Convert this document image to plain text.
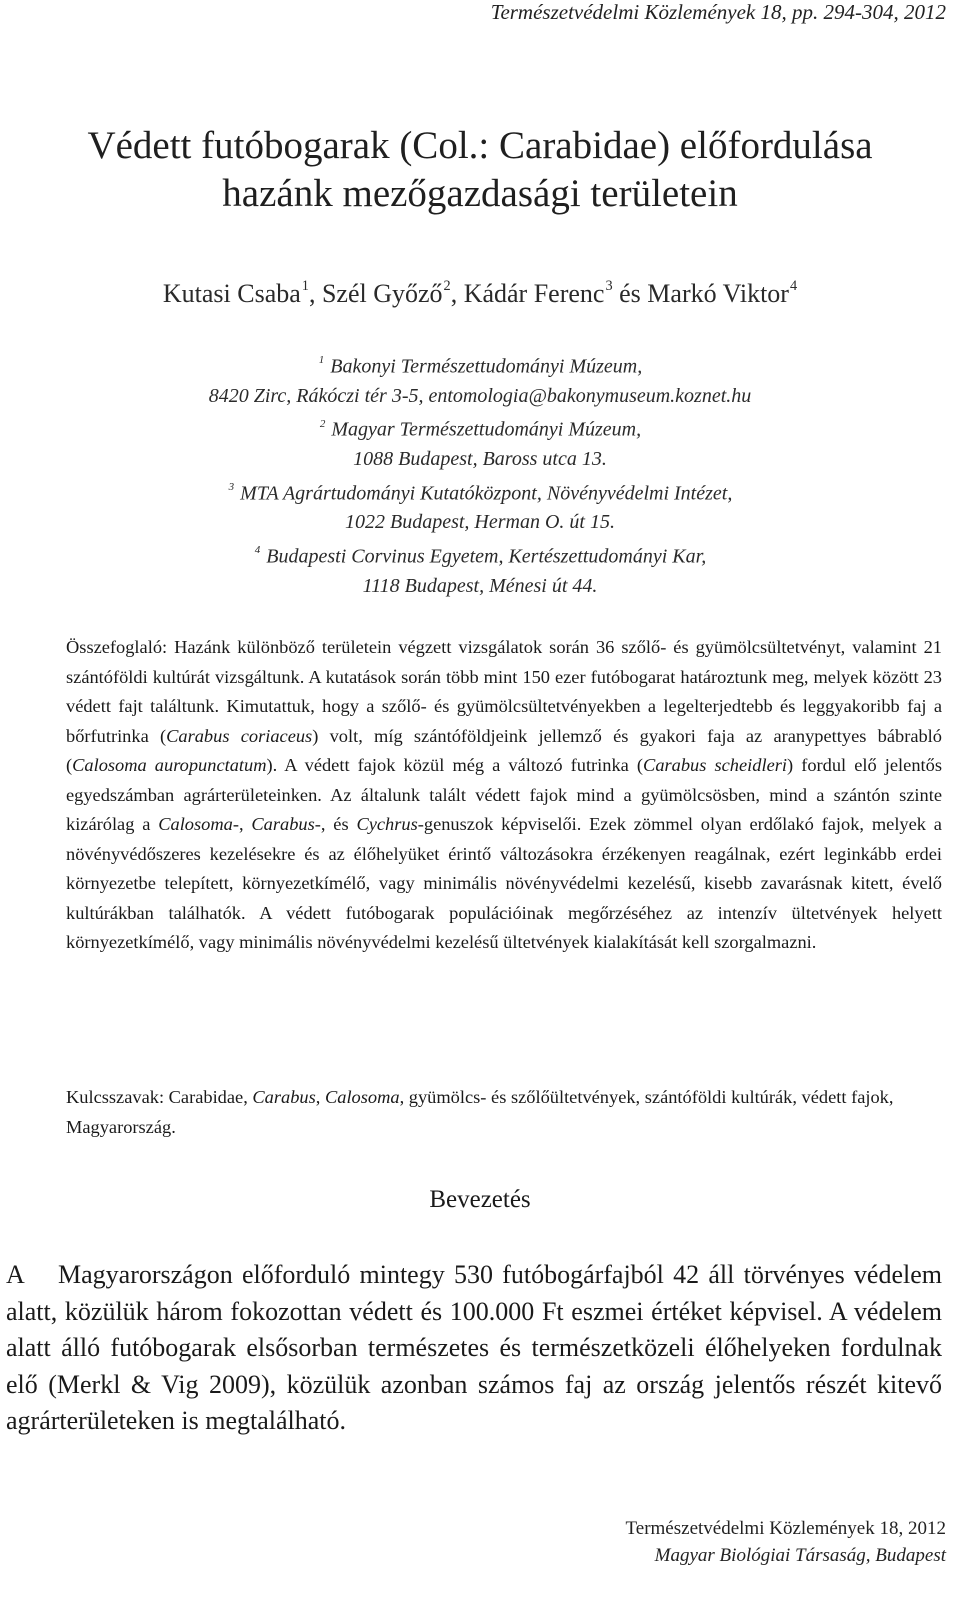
Természetvédelmi Közlemények 18, pp. 294-304, 2012
Védett futóbogarak (Col.: Carabidae) előfordulása
hazánk mezőgazdasági területein
Kutasi Csaba$^1$, Szél Győző$^2$, Kádár Ferenc$^3$ és Markó Viktor$^4$
$^1$ Bakonyi Természettudományi Múzeum,
8420 Zirc, Rákóczi tér 3-5, entomologia@bakonymuseum.koznet.hu
$^2$ Magyar Természettudományi Múzeum,
1088 Budapest, Baross utca 13.
$^3$ MTA Agrártudományi Kutatóközpont, Növényvédelmi Intézet,
1022 Budapest, Herman O. út 15.
$^4$ Budapesti Corvinus Egyetem, Kertészettudományi Kar,
1118 Budapest, Ménesi út 44.
Összefoglaló: Hazánk különböző területein végzett vizsgálatok során 36 szőlő- és gyümölcsültetvényt, valamint 21 szántóföldi kultúrát vizsgáltunk. A kutatások során több mint 150 ezer futóbogarat határoztunk meg, melyek között 23 védett fajt találtunk. Kimutattuk, hogy a szőlő- és gyümölcsültetvényekben a legelterjedtebb és leggyakoribb faj a bőrfutrinka (Carabus coriaceus) volt, míg szántóföldjeink jellemző és gyakori faja az aranypettyes bábrabló (Calosoma auropunctatum). A védett fajok közül még a változó futrinka (Carabus scheidleri) fordul elő jelentős egyedszámban agrárterületeinken. Az általunk talált védett fajok mind a gyümölcsösben, mind a szántón szinte kizárólag a Calosoma-, Carabus-, és Cychrus-genuszok képviselői. Ezek zömmel olyan erdőlakó fajok, melyek a növényvédőszeres kezelésekre és az élőhelyüket érintő változásokra érzékenyen reagálnak, ezért leginkább erdei környezetbe telepített, környezetkímélő, vagy minimális növényvédelmi kezelésű, kisebb zavarásnak kitett, évelő kultúrákban találhatók. A védett futóbogarak populációinak megőrzéséhez az intenzív ültetvények helyett környezetkímélő, vagy minimális növényvédelmi kezelésű ültetvények kialakítását kell szorgalmazni.
Kulcsszavak: Carabidae, Carabus, Calosoma, gyümölcs- és szőlőültetvények, szántóföldi kultúrák, védett fajok, Magyarország.
Bevezetés
A Magyarországon előforduló mintegy 530 futóbogárfajból 42 áll törvényes védelem alatt, közülük három fokozottan védett és 100.000 Ft eszmei értéket képvisel. A védelem alatt álló futóbogarak elsősorban természetes és természetközeli élőhelyeken fordulnak elő (Merkl & Vig 2009), közülük azonban számos faj az ország jelentős részét kitevő agrárterületeken is megtalálható.
Természetvédelmi Közlemények 18, 2012
Magyar Biológiai Társaság, Budapest
